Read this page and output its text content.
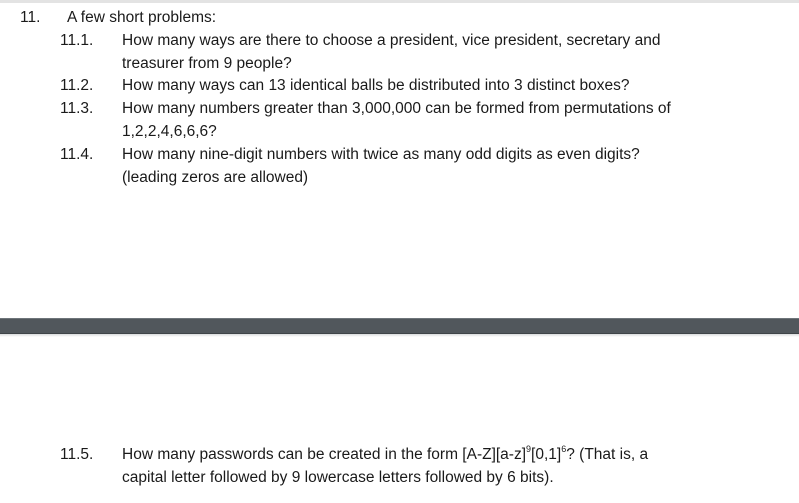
11. A few short problems:
11.1. How many ways are there to choose a president, vice president, secretary and
treasurer from 9 people?
11.2. How many ways can 13 identical balls be distributed into 3 distinct boxes?
11.3. How many numbers greater than 3,000,000 can be formed from permutations of
1,2,2,4,6,6,6?
11.4. How many nine-digit numbers with twice as many odd digits as even digits?
(leading zeros are allowed)
11.5. How many passwords can be created in the form $[A-Z][a-z]^9[0,1]^6$? (That is, a
capital letter followed by 9 lowercase letters followed by 6 bits).
